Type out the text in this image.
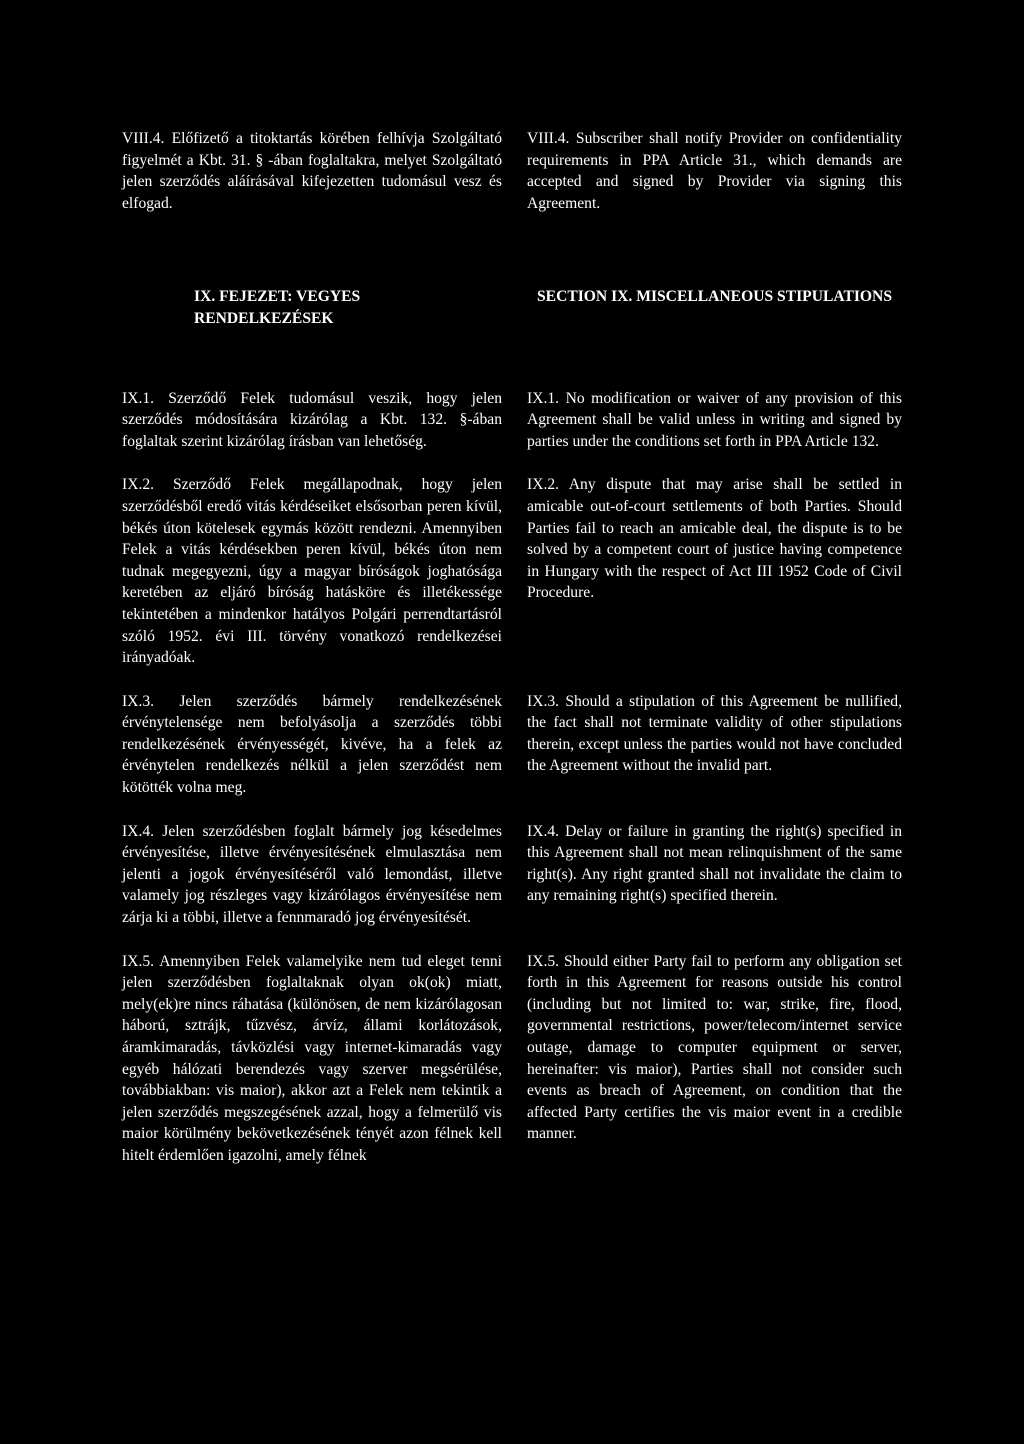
VIII.4. Előfizető a titoktartás körében felhívja Szolgáltató figyelmét a Kbt. 31. § -ában foglaltakra, melyet Szolgáltató jelen szerződés aláírásával kifejezetten tudomásul vesz és elfogad.

VIII.4. Subscriber shall notify Provider on confidentiality requirements in PPA Article 31., which demands are accepted and signed by Provider via signing this Agreement.

IX. FEJEZET: VEGYES RENDELKEZÉSEK

SECTION IX. MISCELLANEOUS STIPULATIONS

IX.1. Szerződő Felek tudomásul veszik, hogy jelen szerződés módosítására kizárólag a Kbt. 132. §-ában foglaltak szerint kizárólag írásban van lehetőség.

IX.1. No modification or waiver of any provision of this Agreement shall be valid unless in writing and signed by parties under the conditions set forth in PPA Article 132.

IX.2. Szerződő Felek megállapodnak, hogy jelen szerződésből eredő vitás kérdéseiket elsősorban peren kívül, békés úton kötelesek egymás között rendezni. Amennyiben Felek a vitás kérdésekben peren kívül, békés úton nem tudnak megegyezni, úgy a magyar bíróságok joghatósága keretében az eljáró bíróság hatásköre és illetékessége tekintetében a mindenkor hatályos Polgári perrendtartásról szóló 1952. évi III. törvény vonatkozó rendelkezései irányadóak.

IX.2. Any dispute that may arise shall be settled in amicable out-of-court settlements of both Parties. Should Parties fail to reach an amicable deal, the dispute is to be solved by a competent court of justice having competence in Hungary with the respect of Act III 1952 Code of Civil Procedure.

IX.3. Jelen szerződés bármely rendelkezésének érvénytelensége nem befolyásolja a szerződés többi rendelkezésének érvényességét, kivéve, ha a felek az érvénytelen rendelkezés nélkül a jelen szerződést nem kötötték volna meg.

IX.3. Should a stipulation of this Agreement be nullified, the fact shall not terminate validity of other stipulations therein, except unless the parties would not have concluded the Agreement without the invalid part.

IX.4. Jelen szerződésben foglalt bármely jog késedelmes érvényesítése, illetve érvényesítésének elmulasztása nem jelenti a jogok érvényesítéséről való lemondást, illetve valamely jog részleges vagy kizárólagos érvényesítése nem zárja ki a többi, illetve a fennmaradó jog érvényesítését.

IX.4. Delay or failure in granting the right(s) specified in this Agreement shall not mean relinquishment of the same right(s). Any right granted shall not invalidate the claim to any remaining right(s) specified therein.

IX.5. Amennyiben Felek valamelyike nem tud eleget tenni jelen szerződésben foglaltaknak olyan ok(ok) miatt, mely(ek)re nincs ráhatása (különösen, de nem kizárólagosan háború, sztrájk, tűzvész, árvíz, állami korlátozások, áramkimaradás, távközlési vagy internet-kimaradás vagy egyéb hálózati berendezés vagy szerver megsérülése, továbbiakban: vis maior), akkor azt a Felek nem tekintik a jelen szerződés megszegésének azzal, hogy a felmerülő vis maior körülmény bekövetkezésének tényét azon félnek kell hitelt érdemlően igazolni, amely félnek

IX.5. Should either Party fail to perform any obligation set forth in this Agreement for reasons outside his control (including but not limited to: war, strike, fire, flood, governmental restrictions, power/telecom/internet service outage, damage to computer equipment or server, hereinafter: vis maior), Parties shall not consider such events as breach of Agreement, on condition that the affected Party certifies the vis maior event in a credible manner.
